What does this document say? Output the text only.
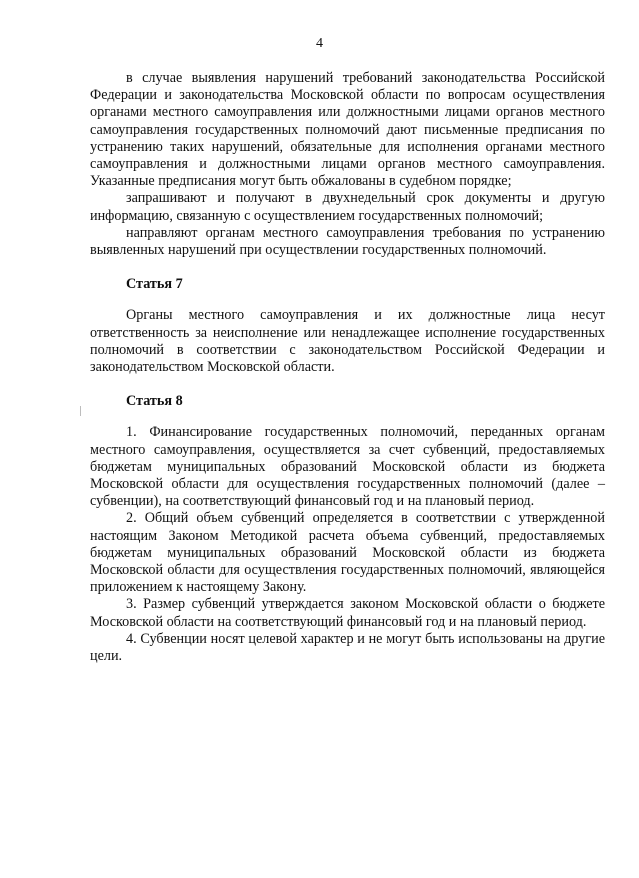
4

в случае выявления нарушений требований законодательства Российской Федерации и законодательства Московской области по вопросам осуществления органами местного самоуправления или должностными лицами органов местного самоуправления государственных полномочий дают письменные предписания по устранению таких нарушений, обязательные для исполнения органами местного самоуправления и должностными лицами органов местного самоуправления. Указанные предписания могут быть обжалованы в судебном порядке;

запрашивают и получают в двухнедельный срок документы и другую информацию, связанную с осуществлением государственных полномочий;

направляют органам местного самоуправления требования по устранению выявленных нарушений при осуществлении государственных полномочий.

Статья 7

Органы местного самоуправления и их должностные лица несут ответственность за неисполнение или ненадлежащее исполнение государственных полномочий в соответствии с законодательством Российской Федерации и законодательством Московской области.

Статья 8

1. Финансирование государственных полномочий, переданных органам местного самоуправления, осуществляется за счет субвенций, предоставляемых бюджетам муниципальных образований Московской области из бюджета Московской области для осуществления государственных полномочий (далее – субвенции), на соответствующий финансовый год и на плановый период.

2. Общий объем субвенций определяется в соответствии с утвержденной настоящим Законом Методикой расчета объема субвенций, предоставляемых бюджетам муниципальных образований Московской области из бюджета Московской области для осуществления государственных полномочий, являющейся приложением к настоящему Закону.

3. Размер субвенций утверждается законом Московской области о бюджете Московской области на соответствующий финансовый год и на плановый период.

4. Субвенции носят целевой характер и не могут быть использованы на другие цели.
